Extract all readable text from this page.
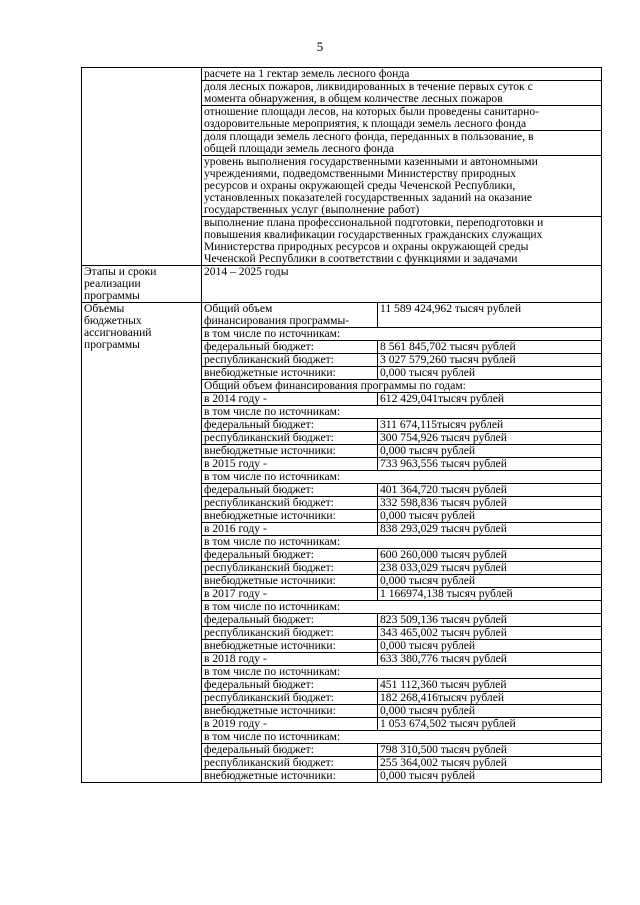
5
	расчете на 1 гектар земель лесного фонда	
	доля лесных пожаров, ликвидированных в течение первых суток с
момента обнаружения, в общем количестве лесных пожаров	
	отношение площади лесов, на которых были проведены санитарно-
оздоровительные мероприятия, к площади земель лесного фонда	
	доля площади земель лесного фонда, переданных в пользование, в
общей площади земель лесного фонда	
	уровень выполнения государственными казенными и автономными
учреждениями, подведомственными Министерству природных
ресурсов и охраны окружающей среды Чеченской Республики,
установленных показателей государственных заданий на оказание
государственных услуг (выполнение работ)	
	выполнение плана профессиональной подготовки, переподготовки и
повышения квалификации государственных гражданских служащих
Министерства природных ресурсов и охраны окружающей среды
Чеченской Республики в соответствии с функциями и задачами	
Этапы и сроки
реализации
программы	2014 – 2025 годы	
Объемы
бюджетных
ассигнований
программы	Общий объем
финансирования программы-	11 589 424,962 тысяч рублей
	в том числе по источникам:	
	федеральный бюджет:	8 561 845,702 тысяч рублей
	республиканский бюджет:	3 027 579,260 тысяч рублей
	внебюджетные источники:	0,000 тысяч рублей
	Общий объем финансирования программы по годам:	
	в 2014 году -	612 429,041тысяч рублей
	в том числе по источникам:	
	федеральный бюджет:	311 674,115тысяч рублей
	республиканский бюджет:	300 754,926 тысяч рублей
	внебюджетные источники:	0,000 тысяч рублей
	в 2015 году -	733 963,556 тысяч рублей
	в том числе по источникам:	
	федеральный бюджет:	401 364,720 тысяч рублей
	республиканский бюджет:	332 598,836 тысяч рублей
	внебюджетные источники:	0,000 тысяч рублей
	в 2016 году -	838 293,029 тысяч рублей
	в том числе по источникам:	
	федеральный бюджет:	600 260,000 тысяч рублей
	республиканский бюджет:	238 033,029 тысяч рублей
	внебюджетные источники:	0,000 тысяч рублей
	в 2017 году -	1 166974,138 тысяч рублей
	в том числе по источникам:	
	федеральный бюджет:	823 509,136 тысяч рублей
	республиканский бюджет:	343 465,002 тысяч рублей
	внебюджетные источники:	0,000 тысяч рублей
	в 2018 году -	633 380,776 тысяч рублей
	в том числе по источникам:	
	федеральный бюджет:	451 112,360 тысяч рублей
	республиканский бюджет:	182 268,416тысяч рублей
	внебюджетные источники:	0,000 тысяч рублей
	в 2019 году -	1 053 674,502 тысяч рублей
	в том числе по источникам:	
	федеральный бюджет:	798 310,500 тысяч рублей
	республиканский бюджет:	255 364,002 тысяч рублей
	внебюджетные источники:	0,000 тысяч рублей
